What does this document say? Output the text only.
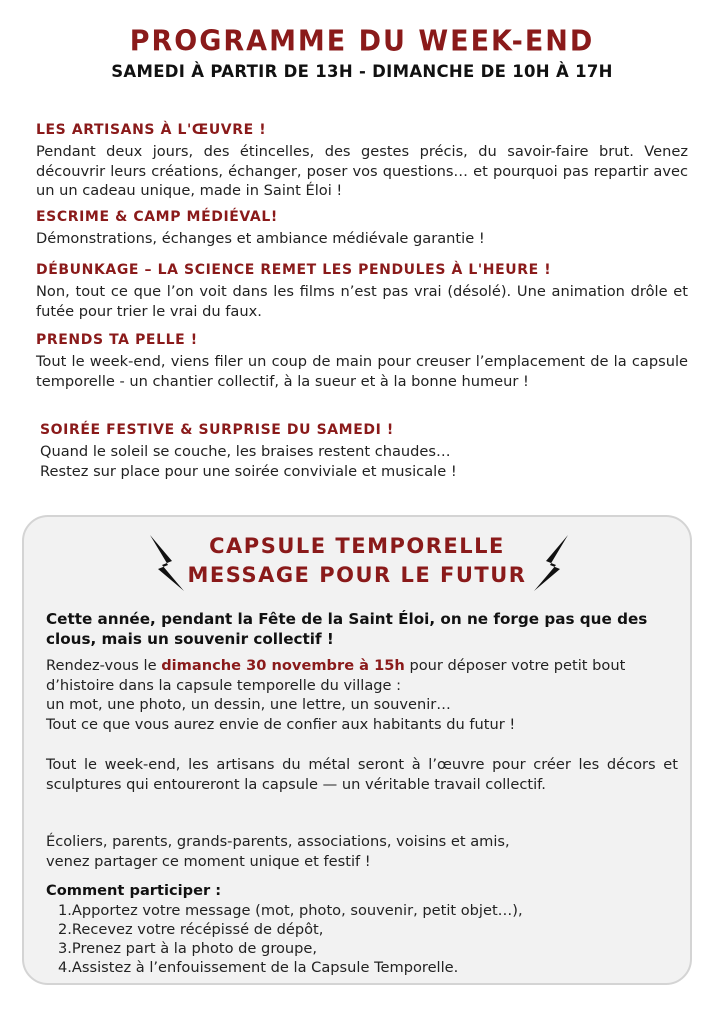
PROGRAMME DU WEEK-END
SAMEDI À PARTIR DE 13H - DIMANCHE DE 10H À 17H
LES ARTISANS À L'ŒUVRE !

Pendant deux jours, des étincelles, des gestes précis, du savoir-faire brut. Venez découvrir leurs créations, échanger, poser vos questions… et pourquoi pas repartir avec un un cadeau unique, made in Saint Éloi !

ESCRIME & CAMP MÉDIÉVAL!

Démonstrations, échanges et ambiance médiévale garantie !

DÉBUNKAGE – LA SCIENCE REMET LES PENDULES À L'HEURE !

Non, tout ce que l’on voit dans les films n’est pas vrai (désolé). Une animation drôle et futée pour trier le vrai du faux.

PRENDS TA PELLE !

Tout le week-end, viens filer un coup de main pour creuser l’emplacement de la capsule temporelle - un chantier collectif, à la sueur et à la bonne humeur !

SOIRÉE FESTIVE & SURPRISE DU SAMEDI !

Quand le soleil se couche, les braises restent chaudes…
Restez sur place pour une soirée conviviale et musicale !

CAPSULE TEMPORELLE
MESSAGE POUR LE FUTUR

Cette année, pendant la Fête de la Saint Éloi, on ne forge pas que des clous, mais un souvenir collectif !

Rendez-vous le dimanche 30 novembre à 15h pour déposer votre petit bout d’histoire dans la capsule temporelle du village :
un mot, une photo, un dessin, une lettre, un souvenir…
Tout ce que vous aurez envie de confier aux habitants du futur !

Tout le week-end, les artisans du métal seront à l’œuvre pour créer les décors et sculptures qui entoureront la capsule — un véritable travail collectif.

Écoliers, parents, grands-parents, associations, voisins et amis,
venez partager ce moment unique et festif !

Comment participer :
1.Apportez votre message (mot, photo, souvenir, petit objet…),
2.Recevez votre récépissé de dépôt,
3.Prenez part à la photo de groupe,
4.Assistez à l’enfouissement de la Capsule Temporelle.
